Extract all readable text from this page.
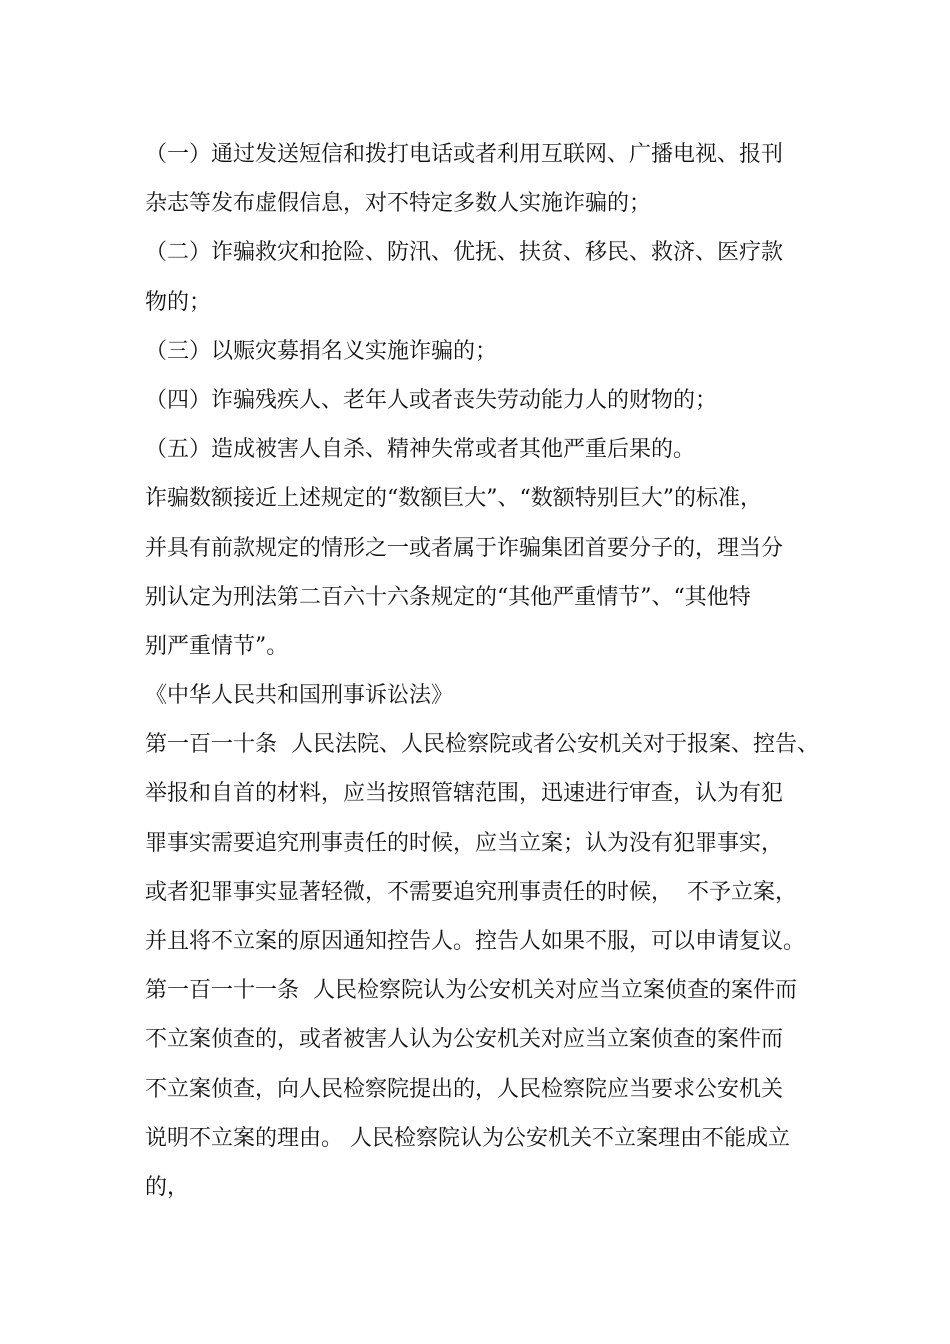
（一）通过发送短信和拨打电话或者利用互联网、广播电视、报刊
杂志等发布虚假信息，对不特定多数人实施诈骗的；
（二）诈骗救灾和抢险、防汛、优抚、扶贫、移民、救济、医疗款
物的；
（三）以赈灾募捐名义实施诈骗的；
（四）诈骗残疾人、老年人或者丧失劳动能力人的财物的；
（五）造成被害人自杀、精神失常或者其他严重后果的。
诈骗数额接近上述规定的“数额巨大”、“数额特别巨大”的标准，
并具有前款规定的情形之一或者属于诈骗集团首要分子的，理当分
别认定为刑法第二百六十六条规定的“其他严重情节”、“其他特
别严重情节”。
《中华人民共和国刑事诉讼法》
第一百一十条  人民法院、人民检察院或者公安机关对于报案、控告、
举报和自首的材料，应当按照管辖范围，迅速进行审查，认为有犯
罪事实需要追究刑事责任的时候，应当立案；认为没有犯罪事实，
或者犯罪事实显著轻微，不需要追究刑事责任的时候，  不予立案，
并且将不立案的原因通知控告人。控告人如果不服，可以申请复议。
第一百一十一条  人民检察院认为公安机关对应当立案侦查的案件而
不立案侦查的，或者被害人认为公安机关对应当立案侦查的案件而
不立案侦查，向人民检察院提出的，人民检察院应当要求公安机关
说明不立案的理由。 人民检察院认为公安机关不立案理由不能成立
的，
